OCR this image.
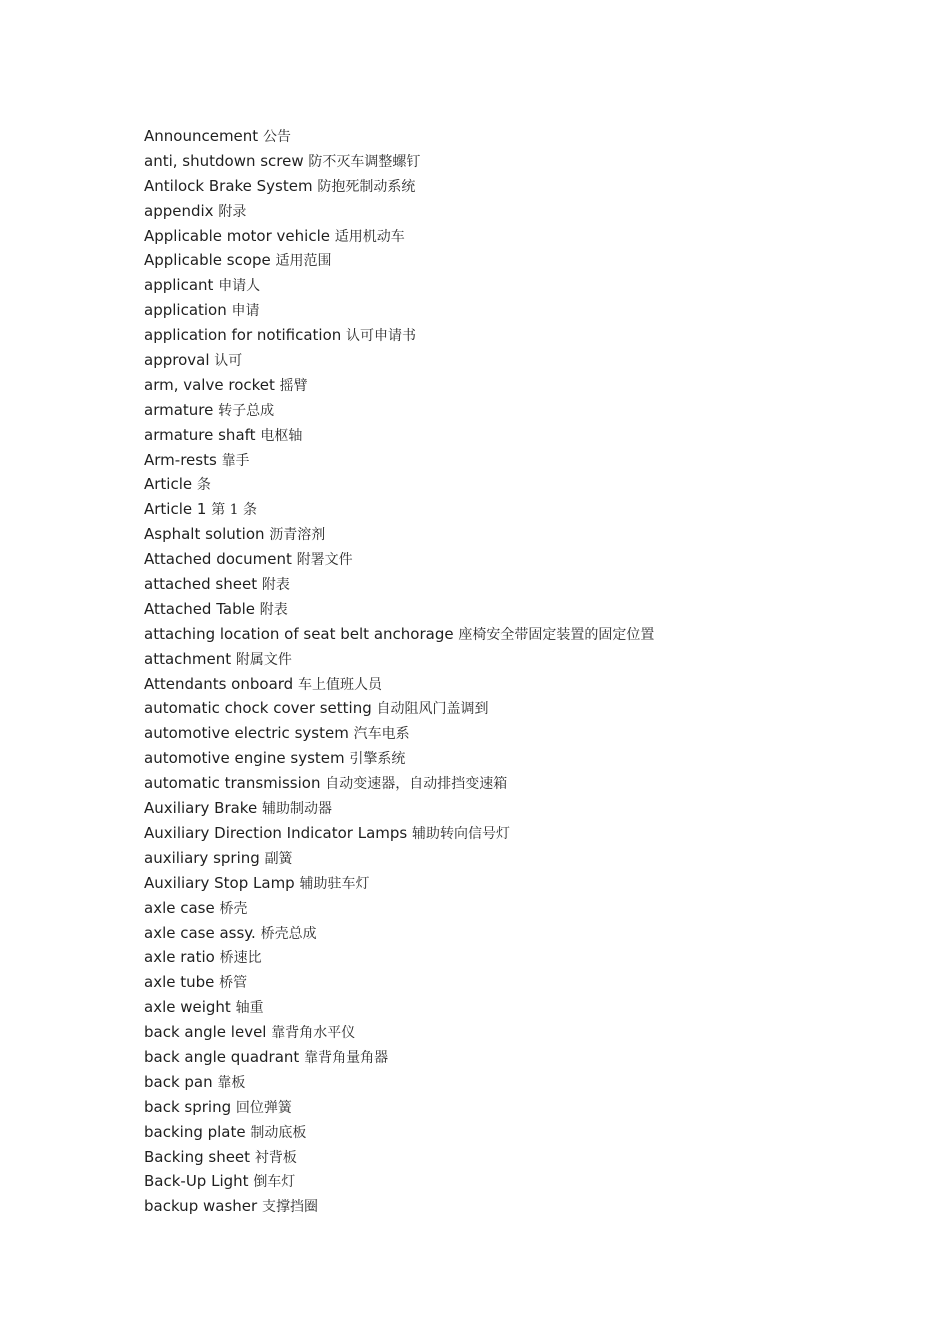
Announcement 公告
anti, shutdown screw 防不灭车调整螺钉
Antilock Brake System 防抱死制动系统
appendix 附录
Applicable motor vehicle 适用机动车
Applicable scope 适用范围
applicant 申请人
application 申请
application for notification 认可申请书
approval 认可
arm, valve rocket 摇臂
armature 转子总成
armature shaft 电枢轴
Arm-rests 靠手
Article 条
Article 1 第 1 条
Asphalt solution 沥青溶剂
Attached document 附署文件
attached sheet 附表
Attached Table 附表
attaching location of seat belt anchorage 座椅安全带固定装置的固定位置
attachment 附属文件
Attendants onboard 车上值班人员
automatic chock cover setting 自动阻风门盖调到
automotive electric system 汽车电系
automotive engine system 引擎系统
automatic transmission 自动变速器，自动排挡变速箱
Auxiliary Brake 辅助制动器
Auxiliary Direction Indicator Lamps 辅助转向信号灯
auxiliary spring 副簧
Auxiliary Stop Lamp 辅助驻车灯
axle case 桥壳
axle case assy. 桥壳总成
axle ratio 桥速比
axle tube 桥管
axle weight 轴重
back angle level 靠背角水平仪
back angle quadrant 靠背角量角器
back pan 靠板
back spring 回位弹簧
backing plate 制动底板
Backing sheet 衬背板
Back-Up Light 倒车灯
backup washer 支撑挡圈
